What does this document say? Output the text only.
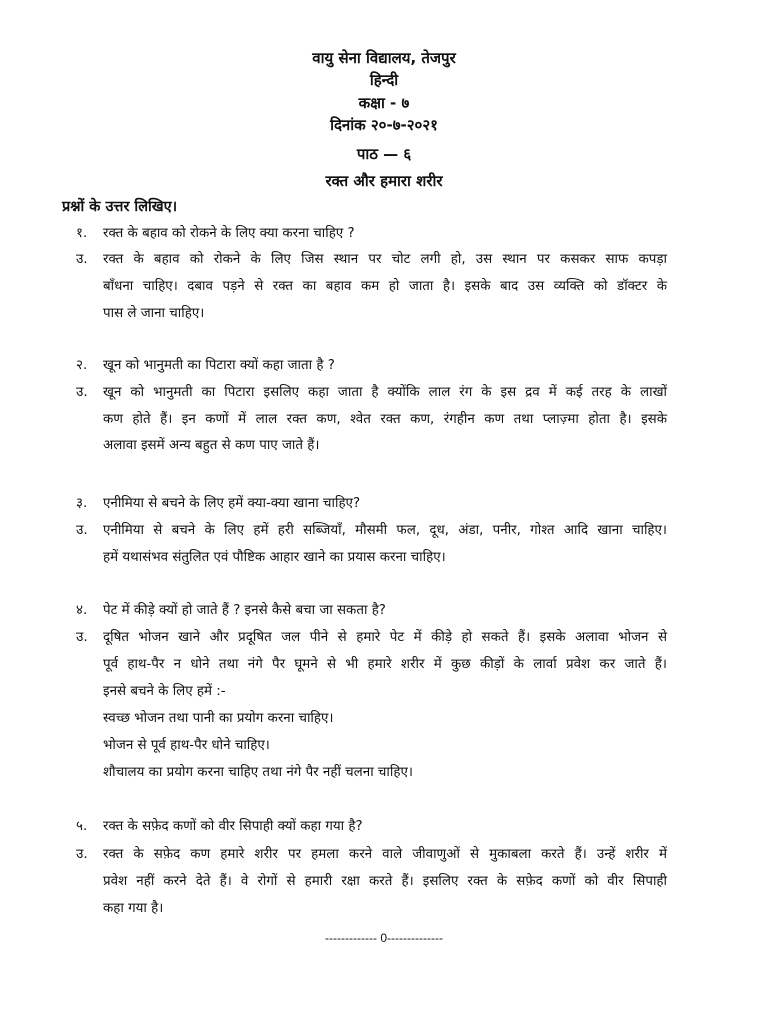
वायु सेना विद्यालय, तेजपुर
हिन्दी
कक्षा - ७
दिनांक २०-७-२०२१
पाठ — ६
रक्त और हमारा शरीर
प्रश्नों के उत्तर लिखिए।
१. रक्त के बहाव को रोकने के लिए क्या करना चाहिए ?
उ. रक्त के बहाव को रोकने के लिए जिस स्थान पर चोट लगी हो, उस स्थान पर कसकर साफ कपड़ा
बाँधना चाहिए। दबाव पड़ने से रक्त का बहाव कम हो जाता है। इसके बाद उस व्यक्ति को डॉक्टर के
पास ले जाना चाहिए।
२. खून को भानुमती का पिटारा क्यों कहा जाता है ?
उ. खून को भानुमती का पिटारा इसलिए कहा जाता है क्योंकि लाल रंग के इस द्रव में कई तरह के लाखों
कण होते हैं। इन कणों में लाल रक्त कण, श्वेत रक्त कण, रंगहीन कण तथा प्लाज़्मा होता है। इसके
अलावा इसमें अन्य बहुत से कण पाए जाते हैं।
३. एनीमिया से बचने के लिए हमें क्या-क्या खाना चाहिए?
उ. एनीमिया से बचने के लिए हमें हरी सब्जियाँ, मौसमी फल, दूध, अंडा, पनीर, गोश्त आदि खाना चाहिए।
हमें यथासंभव संतुलित एवं पौष्टिक आहार खाने का प्रयास करना चाहिए।
४. पेट में कीड़े क्यों हो जाते हैं ? इनसे कैसे बचा जा सकता है?
उ. दूषित भोजन खाने और प्रदूषित जल पीने से हमारे पेट में कीड़े हो सकते हैं। इसके अलावा भोजन से
पूर्व हाथ-पैर न धोने तथा नंगे पैर घूमने से भी हमारे शरीर में कुछ कीड़ों के लार्वा प्रवेश कर जाते हैं।
इनसे बचने के लिए हमें :-
स्वच्छ भोजन तथा पानी का प्रयोग करना चाहिए।
भोजन से पूर्व हाथ-पैर धोने चाहिए।
शौचालय का प्रयोग करना चाहिए तथा नंगे पैर नहीं चलना चाहिए।
५. रक्त के सफ़ेद कणों को वीर सिपाही क्यों कहा गया है?
उ. रक्त के सफ़ेद कण हमारे शरीर पर हमला करने वाले जीवाणुओं से मुकाबला करते हैं। उन्हें शरीर में
प्रवेश नहीं करने देते हैं। वे रोगों से हमारी रक्षा करते हैं। इसलिए रक्त के सफ़ेद कणों को वीर सिपाही
कहा गया है।
------------- 0--------------
